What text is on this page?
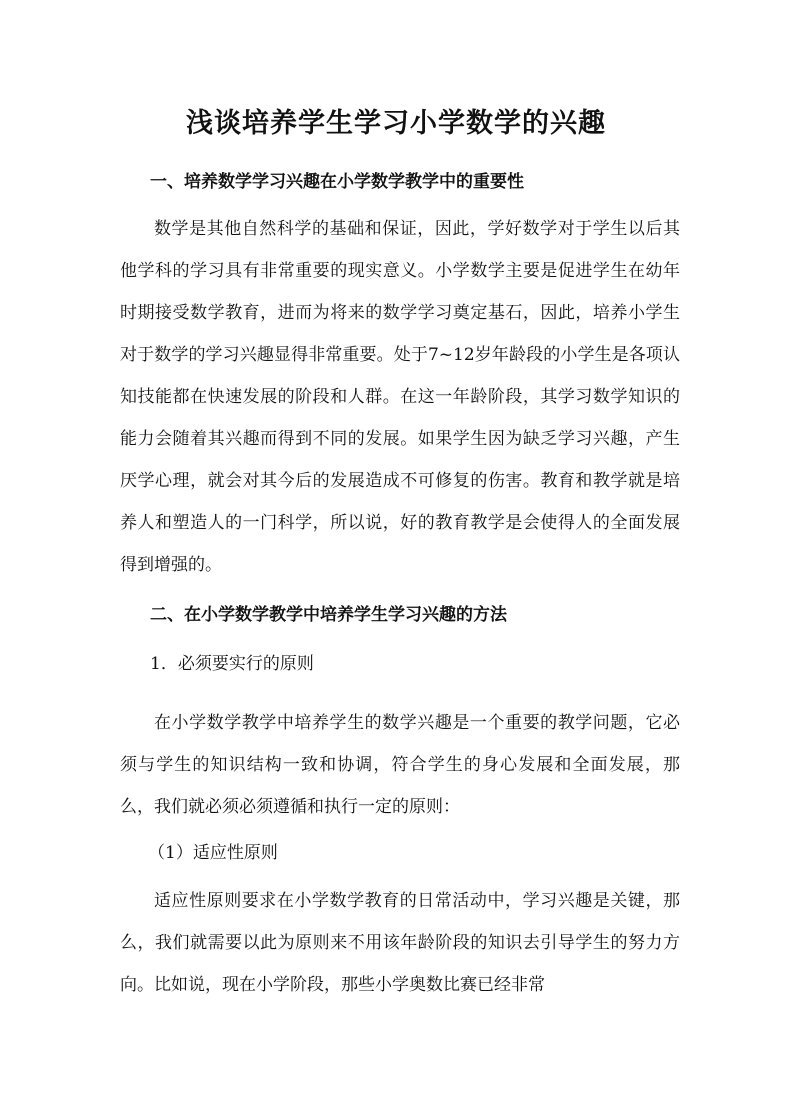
浅谈培养学生学习小学数学的兴趣
一、培养数学学习兴趣在小学数学教学中的重要性

数学是其他自然科学的基础和保证，因此，学好数学对于学生以后其他学科的学习具有非常重要的现实意义。小学数学主要是促进学生在幼年时期接受数学教育，进而为将来的数学学习奠定基石，因此，培养小学生对于数学的学习兴趣显得非常重要。处于7~12岁年龄段的小学生是各项认知技能都在快速发展的阶段和人群。在这一年龄阶段，其学习数学知识的能力会随着其兴趣而得到不同的发展。如果学生因为缺乏学习兴趣，产生厌学心理，就会对其今后的发展造成不可修复的伤害。教育和教学就是培养人和塑造人的一门科学，所以说，好的教育教学是会使得人的全面发展得到增强的。

二、在小学数学教学中培养学生学习兴趣的方法

1．必须要实行的原则

在小学数学教学中培养学生的数学兴趣是一个重要的教学问题，它必须与学生的知识结构一致和协调，符合学生的身心发展和全面发展，那么，我们就必须必须遵循和执行一定的原则：

（1）适应性原则

适应性原则要求在小学数学教育的日常活动中，学习兴趣是关键，那么，我们就需要以此为原则来不用该年龄阶段的知识去引导学生的努力方向。比如说，现在小学阶段，那些小学奥数比赛已经非常
